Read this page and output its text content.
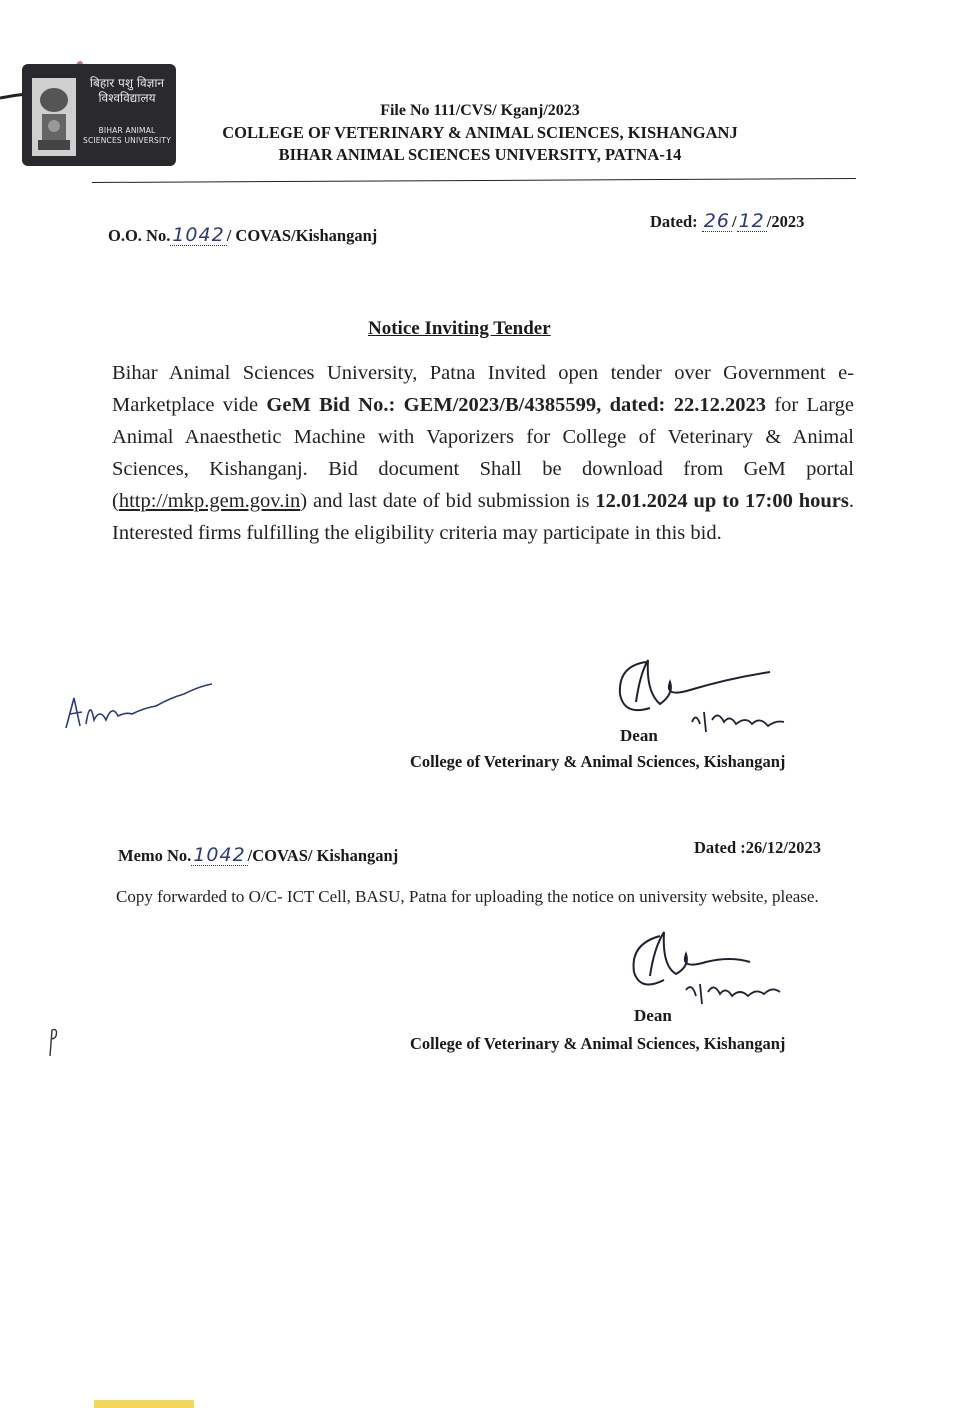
बिहार पशु विज्ञान
विश्वविद्यालय
BIHAR ANIMAL SCIENCES UNIVERSITY
File No 111/CVS/ Kganj/2023
COLLEGE OF VETERINARY & ANIMAL SCIENCES, KISHANGANJ
BIHAR ANIMAL SCIENCES UNIVERSITY, PATNA-14
O.O. No. 1042 / COVAS/Kishanganj
Dated: 26 / 12 /2023
Notice Inviting Tender
Bihar Animal Sciences University, Patna Invited open tender over Government e-Marketplace vide GeM Bid No.: GEM/2023/B/4385599, dated: 22.12.2023 for Large Animal Anaesthetic Machine with Vaporizers for College of Veterinary & Animal Sciences, Kishanganj. Bid document Shall be download from GeM portal (http://mkp.gem.gov.in) and last date of bid submission is 12.01.2024 up to 17:00 hours. Interested firms fulfilling the eligibility criteria may participate in this bid.
Dean
College of Veterinary & Animal Sciences, Kishanganj
Memo No. 1042 /COVAS/ Kishanganj	Dated :26/12/2023
Copy forwarded to O/C- ICT Cell, BASU, Patna for uploading the notice on university website, please.
Dean
College of Veterinary & Animal Sciences, Kishanganj
